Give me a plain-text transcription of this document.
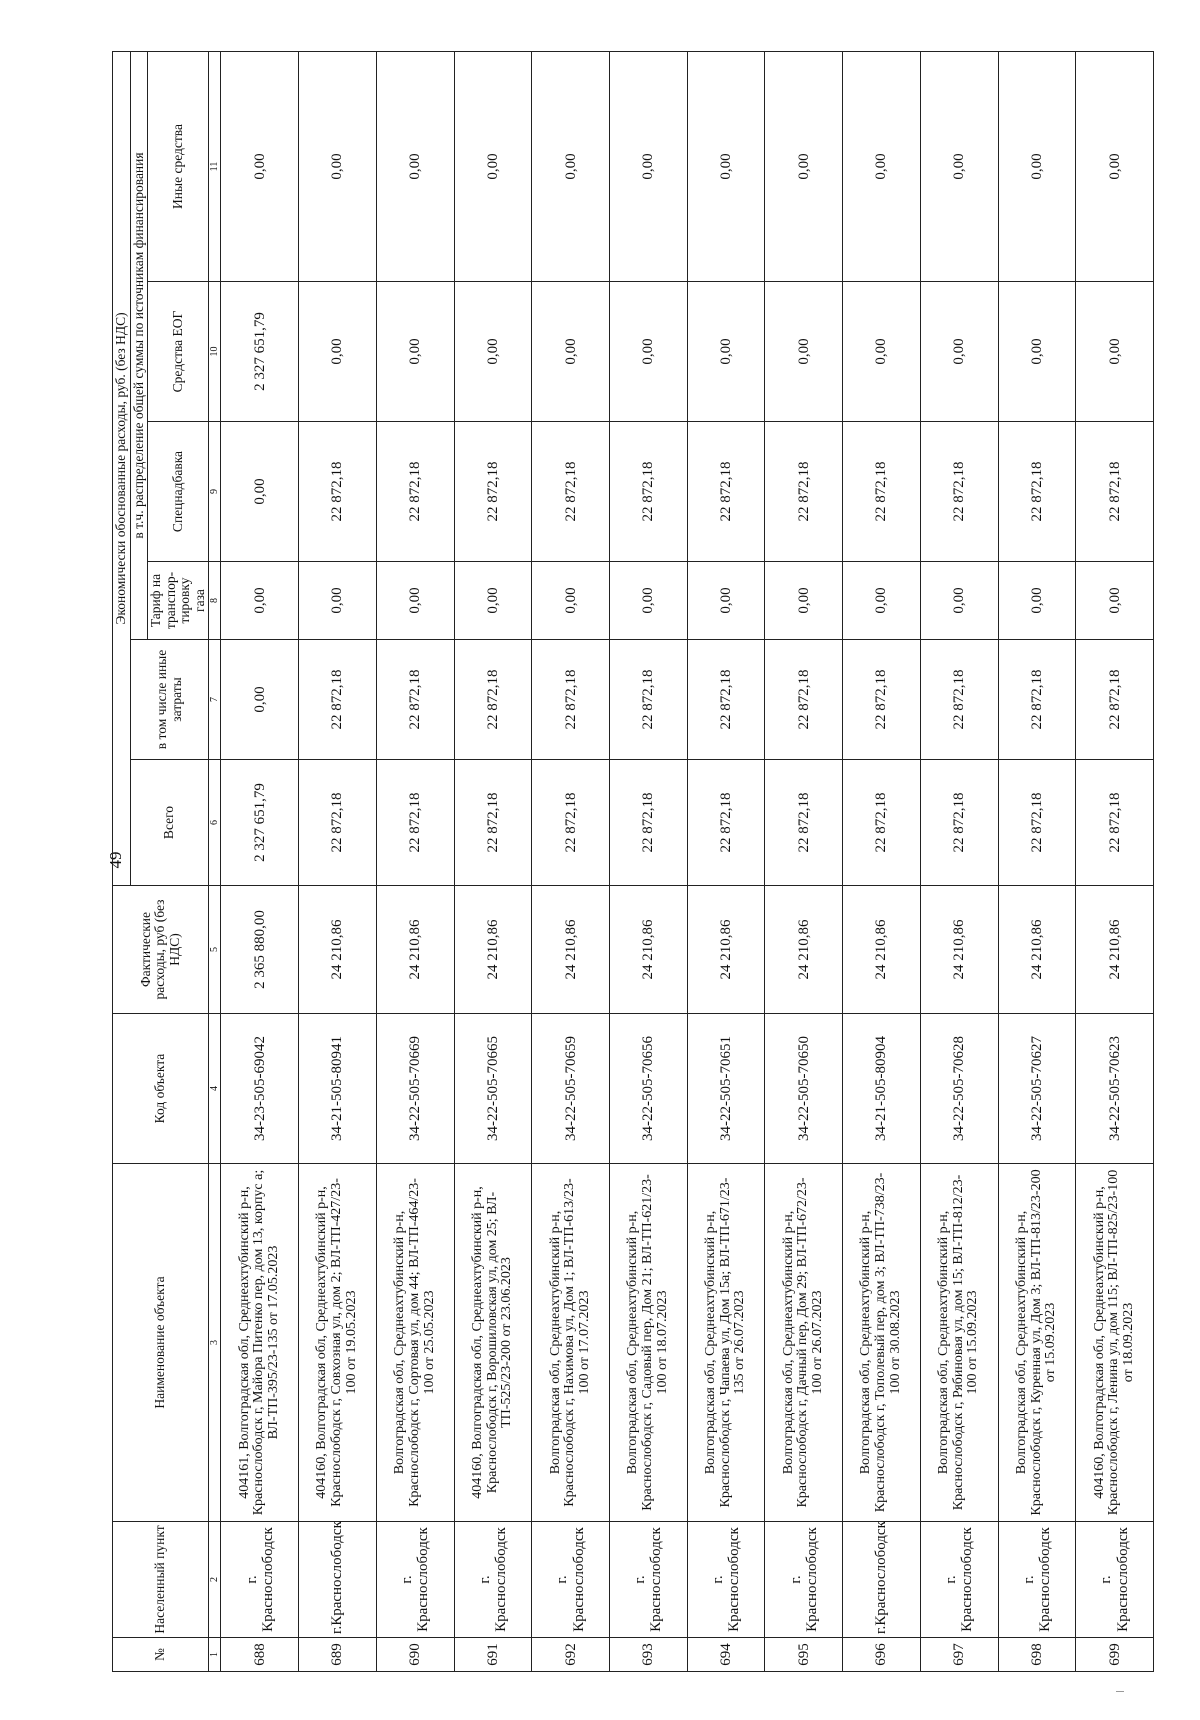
49
№	Населенный пункт	Наименование объекта	Код объекта	Фактические расходы, руб (без НДС)	Экономически обоснованные расходы, руб. (без НДС)					
					Всего	в том числе иные затраты	в т.ч. распределение общей суммы по источникам финансирования			
							Тариф на транспор-тировку газа	Спецнадбавка	Средства ЕОГ	Иные средства
1	2	3	4	5	6	7	8	9	10	11
688	г. Краснослободск	404161, Волгоградская обл, Среднеахтубинский р-н, Краснослободск г, Майора Питенко пер, дом 13, корпус а; ВЛ-ТП-395/23-135 от 17.05.2023	34-23-505-69042	2 365 880,00	2 327 651,79	0,00	0,00	0,00	2 327 651,79	0,00
689	г.Краснослободск	404160, Волгоградская обл, Среднеахтубинский р-н, Краснослободск г, Совхозная ул, дом 2; ВЛ-ТП-427/23-100 от 19.05.2023	34-21-505-80941	24 210,86	22 872,18	22 872,18	0,00	22 872,18	0,00	0,00
690	г. Краснослободск	Волгоградская обл, Среднеахтубинский р-н, Краснослободск г, Сортовая ул, дом 44; ВЛ-ТП-464/23-100 от 25.05.2023	34-22-505-70669	24 210,86	22 872,18	22 872,18	0,00	22 872,18	0,00	0,00
691	г. Краснослободск	404160, Волгоградская обл, Среднеахтубинский р-н, Краснослободск г, Ворошиловская ул, дом 25; ВЛ-ТП-525/23-200 от 23.06.2023	34-22-505-70665	24 210,86	22 872,18	22 872,18	0,00	22 872,18	0,00	0,00
692	г. Краснослободск	Волгоградская обл, Среднеахтубинский р-н, Краснослободск г, Нахимова ул, Дом 1; ВЛ-ТП-613/23-100 от 17.07.2023	34-22-505-70659	24 210,86	22 872,18	22 872,18	0,00	22 872,18	0,00	0,00
693	г. Краснослободск	Волгоградская обл, Среднеахтубинский р-н, Краснослободск г, Садовый пер, Дом 21; ВЛ-ТП-621/23-100 от 18.07.2023	34-22-505-70656	24 210,86	22 872,18	22 872,18	0,00	22 872,18	0,00	0,00
694	г. Краснослободск	Волгоградская обл, Среднеахтубинский р-н, Краснослободск г, Чапаева ул, Дом 15а; ВЛ-ТП-671/23-135 от 26.07.2023	34-22-505-70651	24 210,86	22 872,18	22 872,18	0,00	22 872,18	0,00	0,00
695	г. Краснослободск	Волгоградская обл, Среднеахтубинский р-н, Краснослободск г, Дачный пер, Дом 29; ВЛ-ТП-672/23-100 от 26.07.2023	34-22-505-70650	24 210,86	22 872,18	22 872,18	0,00	22 872,18	0,00	0,00
696	г.Краснослободск	Волгоградская обл, Среднеахтубинский р-н, Краснослободск г, Тополевый пер, дом 3; ВЛ-ТП-738/23-100 от 30.08.2023	34-21-505-80904	24 210,86	22 872,18	22 872,18	0,00	22 872,18	0,00	0,00
697	г. Краснослободск	Волгоградская обл, Среднеахтубинский р-н, Краснослободск г, Рябиновая ул, дом 15; ВЛ-ТП-812/23-100 от 15.09.2023	34-22-505-70628	24 210,86	22 872,18	22 872,18	0,00	22 872,18	0,00	0,00
698	г. Краснослободск	Волгоградская обл, Среднеахтубинский р-н, Краснослободск г, Куренная ул, Дом 3; ВЛ-ТП-813/23-200 от 15.09.2023	34-22-505-70627	24 210,86	22 872,18	22 872,18	0,00	22 872,18	0,00	0,00
699	г. Краснослободск	404160, Волгоградская обл, Среднеахтубинский р-н, Краснослободск г, Ленина ул, дом 115; ВЛ-ТП-825/23-100 от 18.09.2023	34-22-505-70623	24 210,86	22 872,18	22 872,18	0,00	22 872,18	0,00	0,00
